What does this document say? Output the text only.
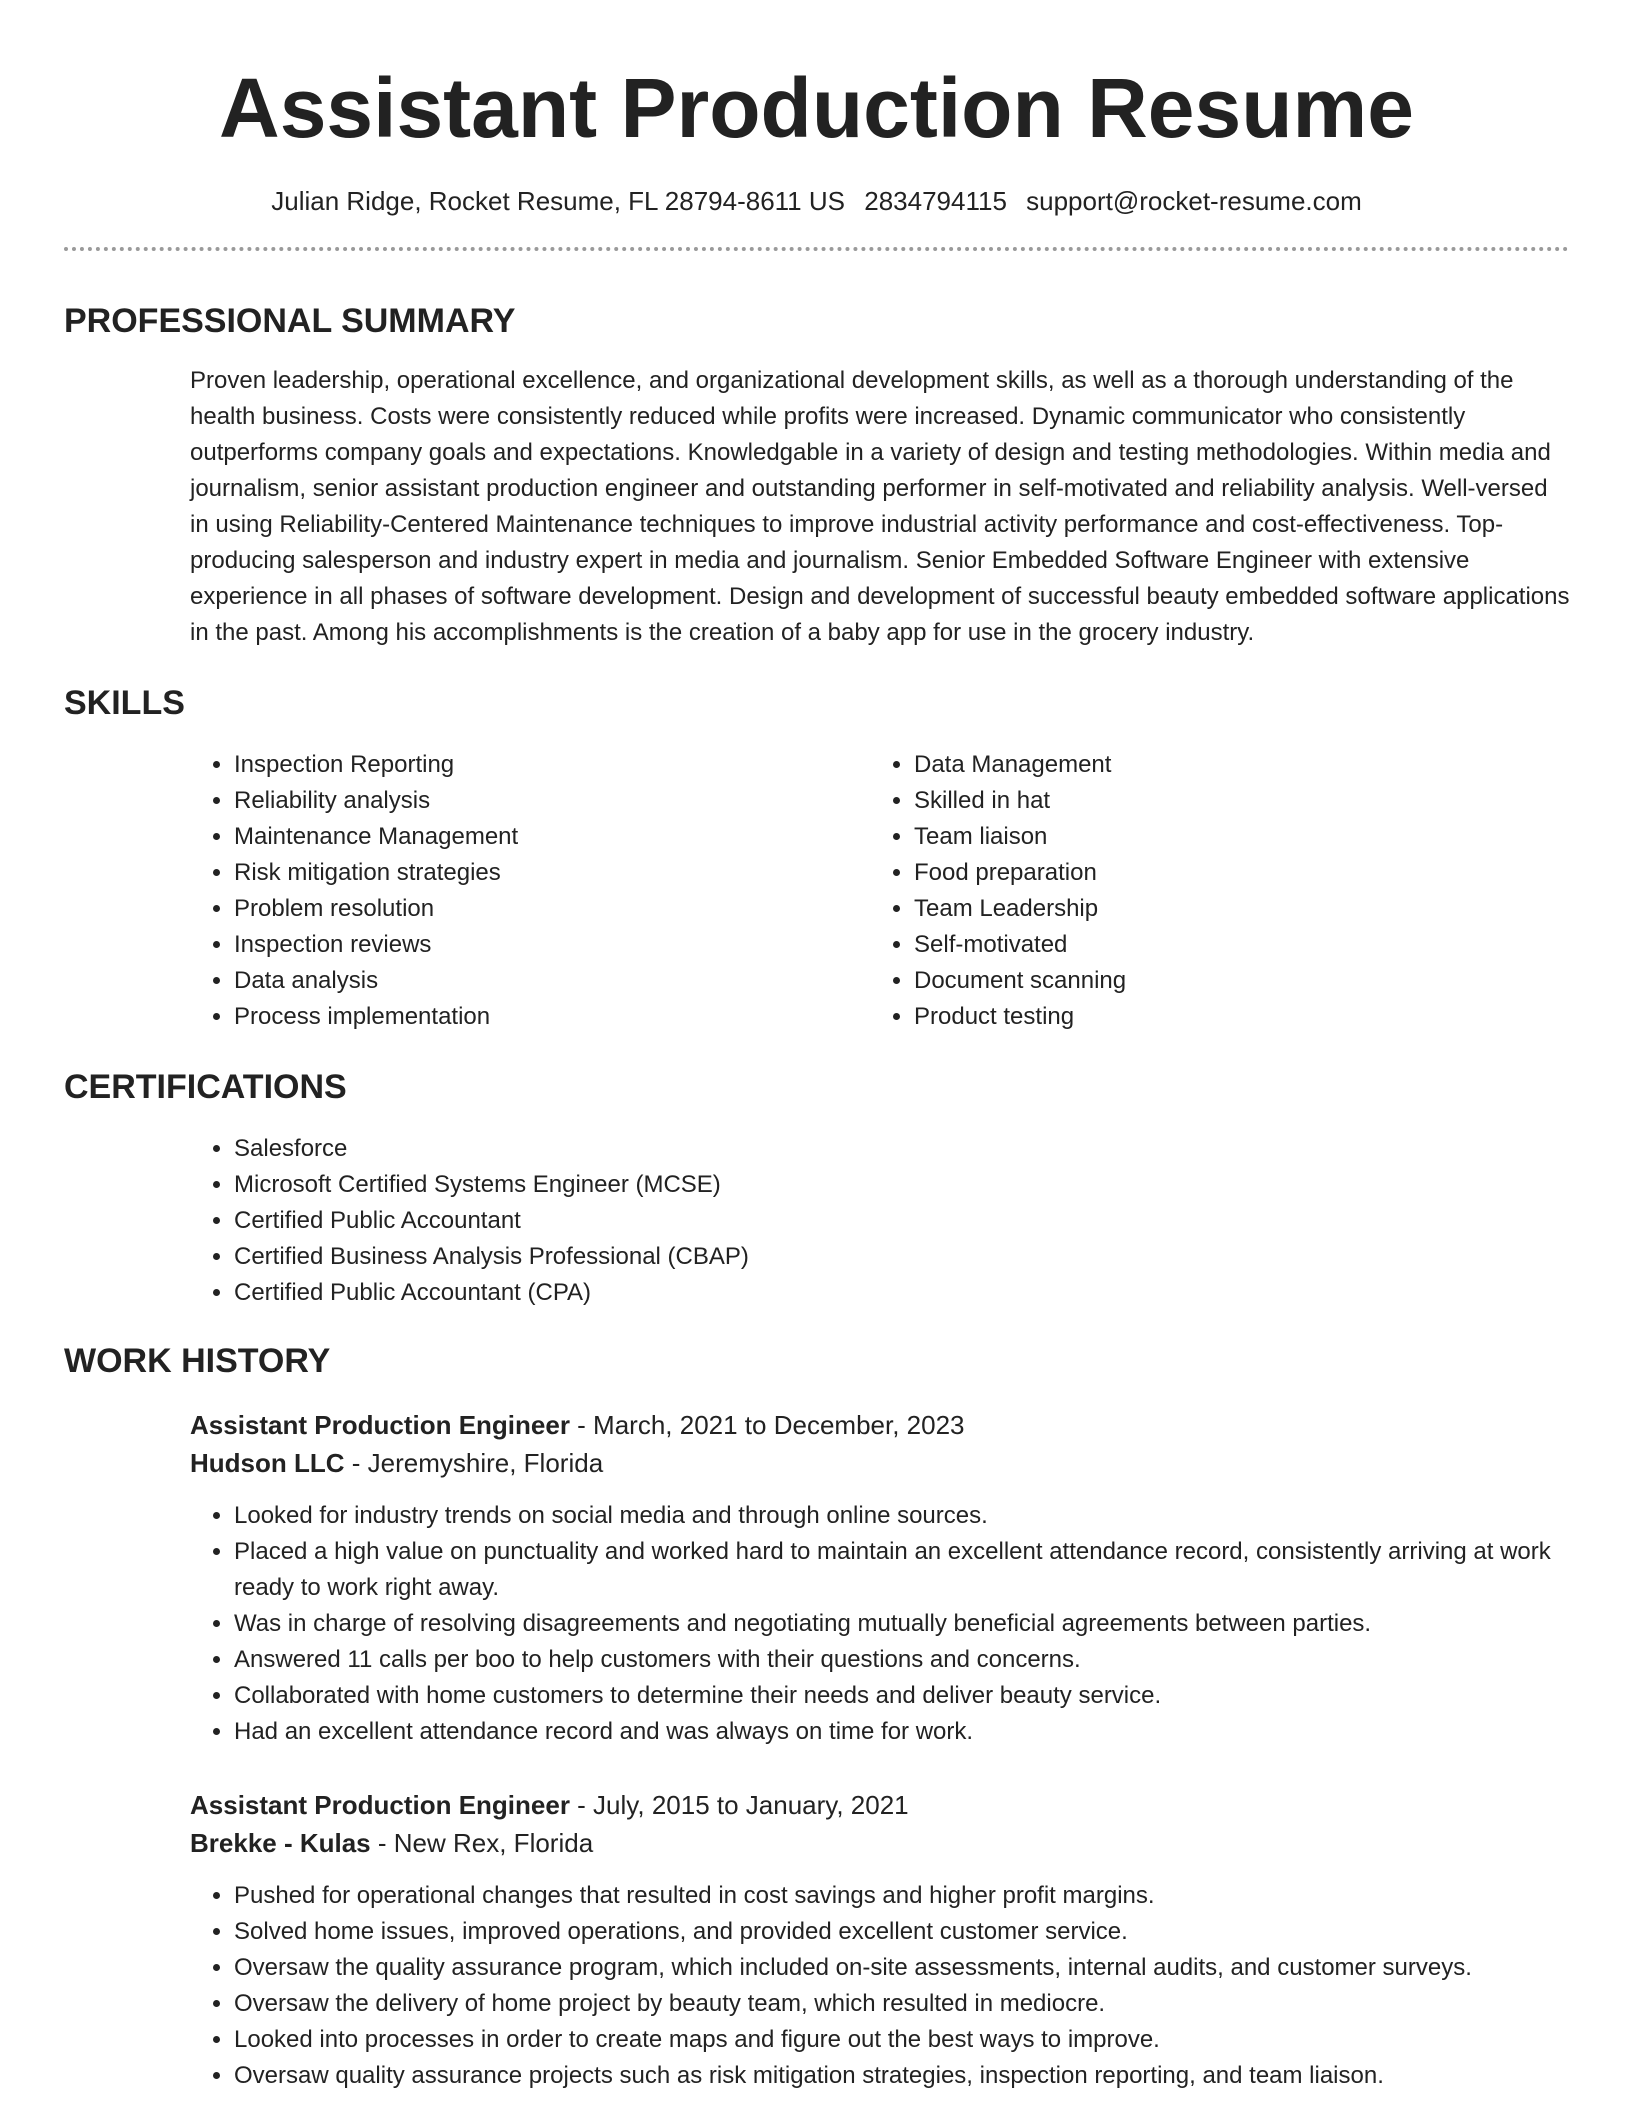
Assistant Production Resume
Julian Ridge, Rocket Resume, FL 28794-8611 US 2834794115 support@rocket-resume.com
PROFESSIONAL SUMMARY
Proven leadership, operational excellence, and organizational development skills, as well as a thorough understanding of the health business. Costs were consistently reduced while profits were increased. Dynamic communicator who consistently outperforms company goals and expectations. Knowledgable in a variety of design and testing methodologies. Within media and journalism, senior assistant production engineer and outstanding performer in self-motivated and reliability analysis. Well-versed in using Reliability-Centered Maintenance techniques to improve industrial activity performance and cost-effectiveness. Top-producing salesperson and industry expert in media and journalism. Senior Embedded Software Engineer with extensive experience in all phases of software development. Design and development of successful beauty embedded software applications in the past. Among his accomplishments is the creation of a baby app for use in the grocery industry.
SKILLS
• Inspection Reporting
• Reliability analysis
• Maintenance Management
• Risk mitigation strategies
• Problem resolution
• Inspection reviews
• Data analysis
• Process implementation
• Data Management
• Skilled in hat
• Team liaison
• Food preparation
• Team Leadership
• Self-motivated
• Document scanning
• Product testing
CERTIFICATIONS
• Salesforce
• Microsoft Certified Systems Engineer (MCSE)
• Certified Public Accountant
• Certified Business Analysis Professional (CBAP)
• Certified Public Accountant (CPA)
WORK HISTORY
Assistant Production Engineer - March, 2021 to December, 2023
Hudson LLC - Jeremyshire, Florida
• Looked for industry trends on social media and through online sources.
• Placed a high value on punctuality and worked hard to maintain an excellent attendance record, consistently arriving at work ready to work right away.
• Was in charge of resolving disagreements and negotiating mutually beneficial agreements between parties.
• Answered 11 calls per boo to help customers with their questions and concerns.
• Collaborated with home customers to determine their needs and deliver beauty service.
• Had an excellent attendance record and was always on time for work.
Assistant Production Engineer - July, 2015 to January, 2021
Brekke - Kulas - New Rex, Florida
• Pushed for operational changes that resulted in cost savings and higher profit margins.
• Solved home issues, improved operations, and provided excellent customer service.
• Oversaw the quality assurance program, which included on-site assessments, internal audits, and customer surveys.
• Oversaw the delivery of home project by beauty team, which resulted in mediocre.
• Looked into processes in order to create maps and figure out the best ways to improve.
• Oversaw quality assurance projects such as risk mitigation strategies, inspection reporting, and team liaison.
